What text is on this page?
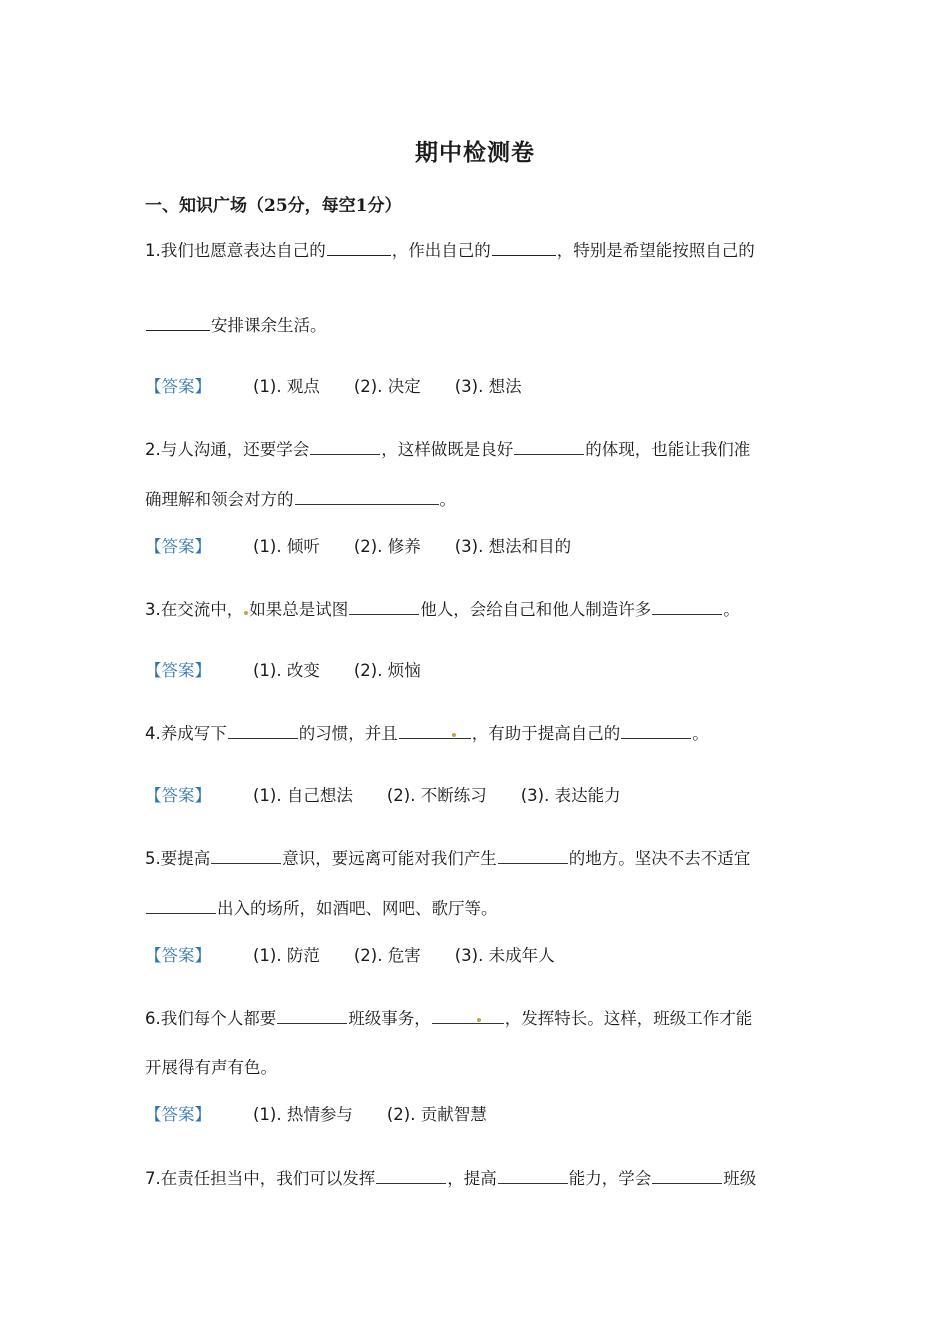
期中检测卷
一、知识广场（25分，每空1分）
1.我们也愿意表达自己的	，作出自己的	，特别是希望能按照自己的
安排课余生活。
【答案】	(1). 观点 (2). 决定 (3). 想法
2.与人沟通，还要学会	，这样做既是良好	的体现，也能让我们准
确理解和领会对方的	。
【答案】	(1). 倾听 (2). 修养 (3). 想法和目的
3.在交流中， 如果总是试图	他人，会给自己和他人制造许多	。
【答案】	(1). 改变 (2). 烦恼
4.养成写下	的习惯，并且	，有助于提高自己的	。
【答案】	(1). 自己想法 (2). 不断练习 (3). 表达能力
5.要提高	意识，要远离可能对我们产生	的地方。坚决不去不适宜
出入的场所，如酒吧、网吧、歌厅等。
【答案】	(1). 防范 (2). 危害 (3). 未成年人
6.我们每个人都要	班级事务，	，发挥特长。这样，班级工作才能
开展得有声有色。
【答案】	(1). 热情参与 (2). 贡献智慧
7.在责任担当中，我们可以发挥	，提高	能力，学会	班级
